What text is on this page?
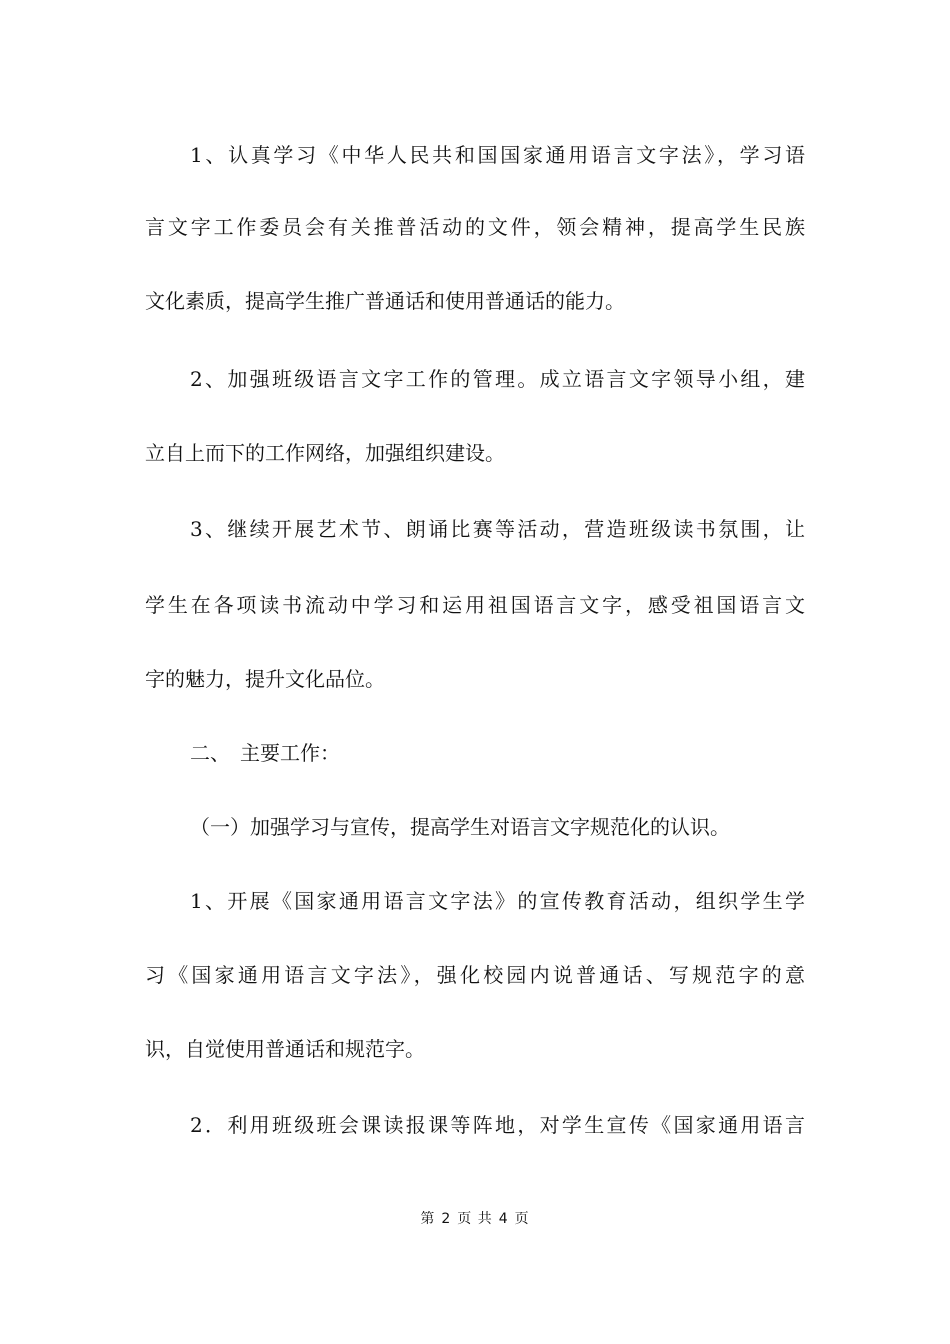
1、认真学习《中华人民共和国国家通用语言文字法》，学习语
言文字工作委员会有关推普活动的文件，领会精神，提高学生民族
文化素质，提高学生推广普通话和使用普通话的能力。
2、加强班级语言文字工作的管理。成立语言文字领导小组，建
立自上而下的工作网络，加强组织建设。
3、继续开展艺术节、朗诵比赛等活动，营造班级读书氛围，让
学生在各项读书流动中学习和运用祖国语言文字，感受祖国语言文
字的魅力，提升文化品位。
二、　主要工作：
（一）加强学习与宣传，提高学生对语言文字规范化的认识。
1、开展《国家通用语言文字法》的宣传教育活动，组织学生学
习《国家通用语言文字法》，强化校园内说普通话、写规范字的意
识，自觉使用普通话和规范字。
2．利用班级班会课读报课等阵地，对学生宣传《国家通用语言
第 2 页 共 4 页
